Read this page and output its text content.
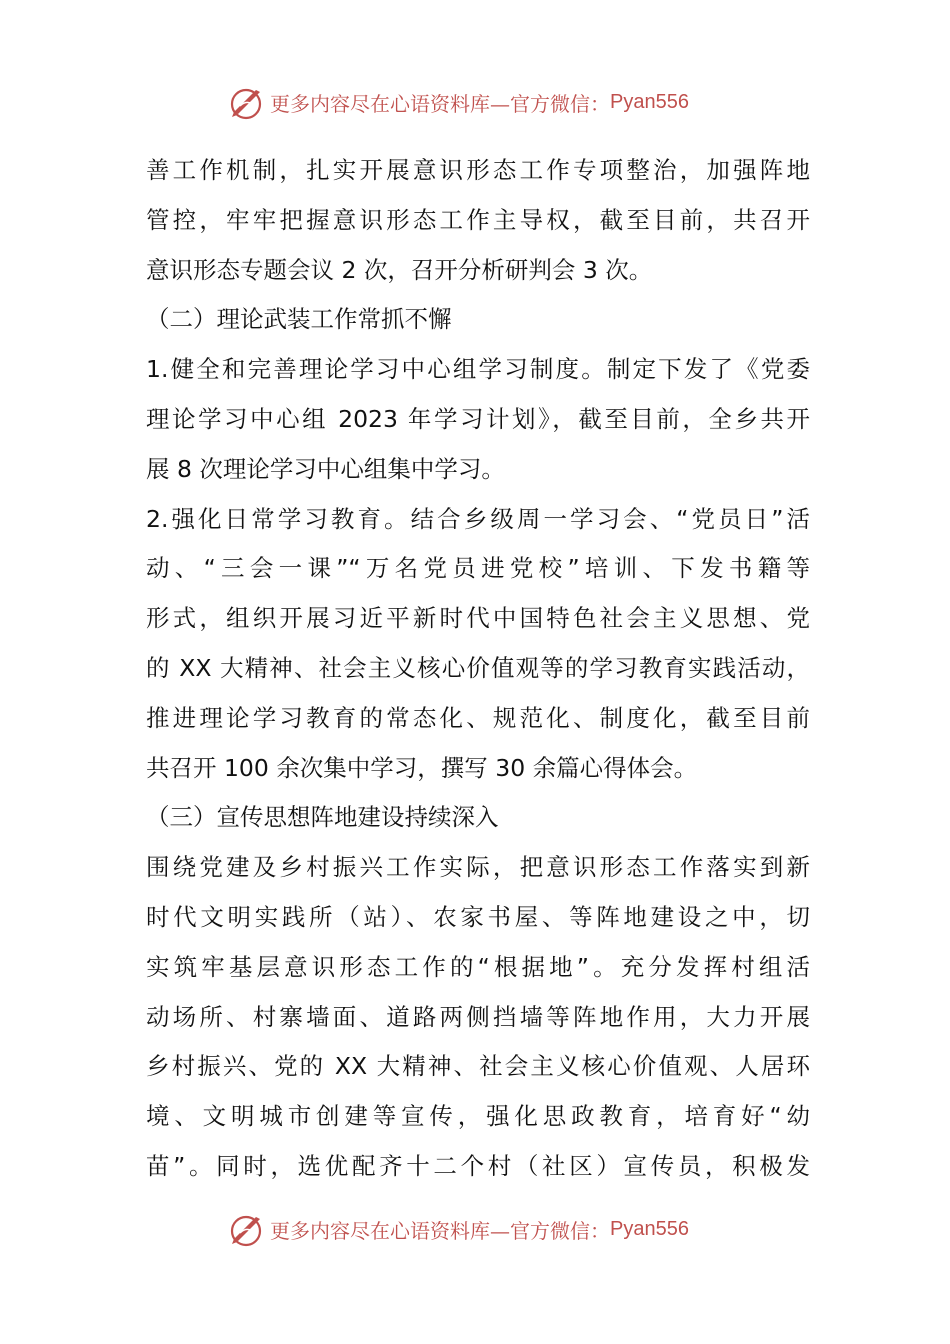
更多内容尽在心语资料库—官方微信： Pyan556
善工作机制，扎实开展意识形态工作专项整治，加强阵地
管控，牢牢把握意识形态工作主导权，截至目前，共召开
意识形态专题会议 2 次，召开分析研判会 3 次。
（二）理论武装工作常抓不懈
1.健全和完善理论学习中心组学习制度。制定下发了《党委
理论学习中心组 2023 年学习计划》，截至目前，全乡共开
展 8 次理论学习中心组集中学习。
2.强化日常学习教育。结合乡级周一学习会、“党员日”活
动、“三会一课”“万名党员进党校”培训、下发书籍等
形式，组织开展习近平新时代中国特色社会主义思想、党
的 XX 大精神、社会主义核心价值观等的学习教育实践活动，
推进理论学习教育的常态化、规范化、制度化，截至目前
共召开 100 余次集中学习，撰写 30 余篇心得体会。
（三）宣传思想阵地建设持续深入
围绕党建及乡村振兴工作实际，把意识形态工作落实到新
时代文明实践所（站）、农家书屋、等阵地建设之中，切
实筑牢基层意识形态工作的“根据地”。充分发挥村组活
动场所、村寨墙面、道路两侧挡墙等阵地作用，大力开展
乡村振兴、党的 XX 大精神、社会主义核心价值观、人居环
境、文明城市创建等宣传，强化思政教育，培育好“幼
苗”。同时，选优配齐十二个村（社区）宣传员，积极发
更多内容尽在心语资料库—官方微信： Pyan556
